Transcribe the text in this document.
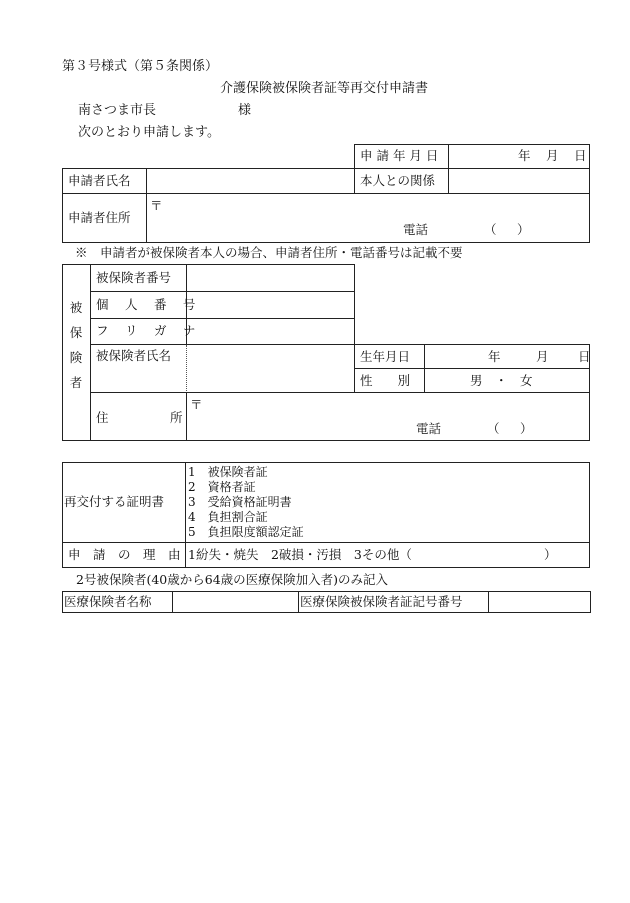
第３号様式（第５条関係）
介護保険被保険者証等再交付申請書
南さつま市長	様
次のとおり申請します。
申 請 年 月 日	年 月 日
申請者氏名	本人との関係
申請者住所
〒
電話	（ ）
※　申請者が被保険者本人の場合、申請者住所・電話番号は記載不要
被
保
険
者
被保険者番号
個 人 番 号
フ リ ガ ナ
被保険者氏名	生年月日	年	月 日
性　　別	男　・　女
住	所
〒
電話	（ ）
再交付する証明書
1　被保険者証
2　資格者証
3　受給資格証明書
4　負担割合証
5　負担限度額認定証
申　請　の　理　由 1紛失・焼失　2破損・汚損　3その他（	）
2号被保険者(40歳から64歳の医療保険加入者)のみ記入
医療保険者名称	医療保険被保険者証記号番号
